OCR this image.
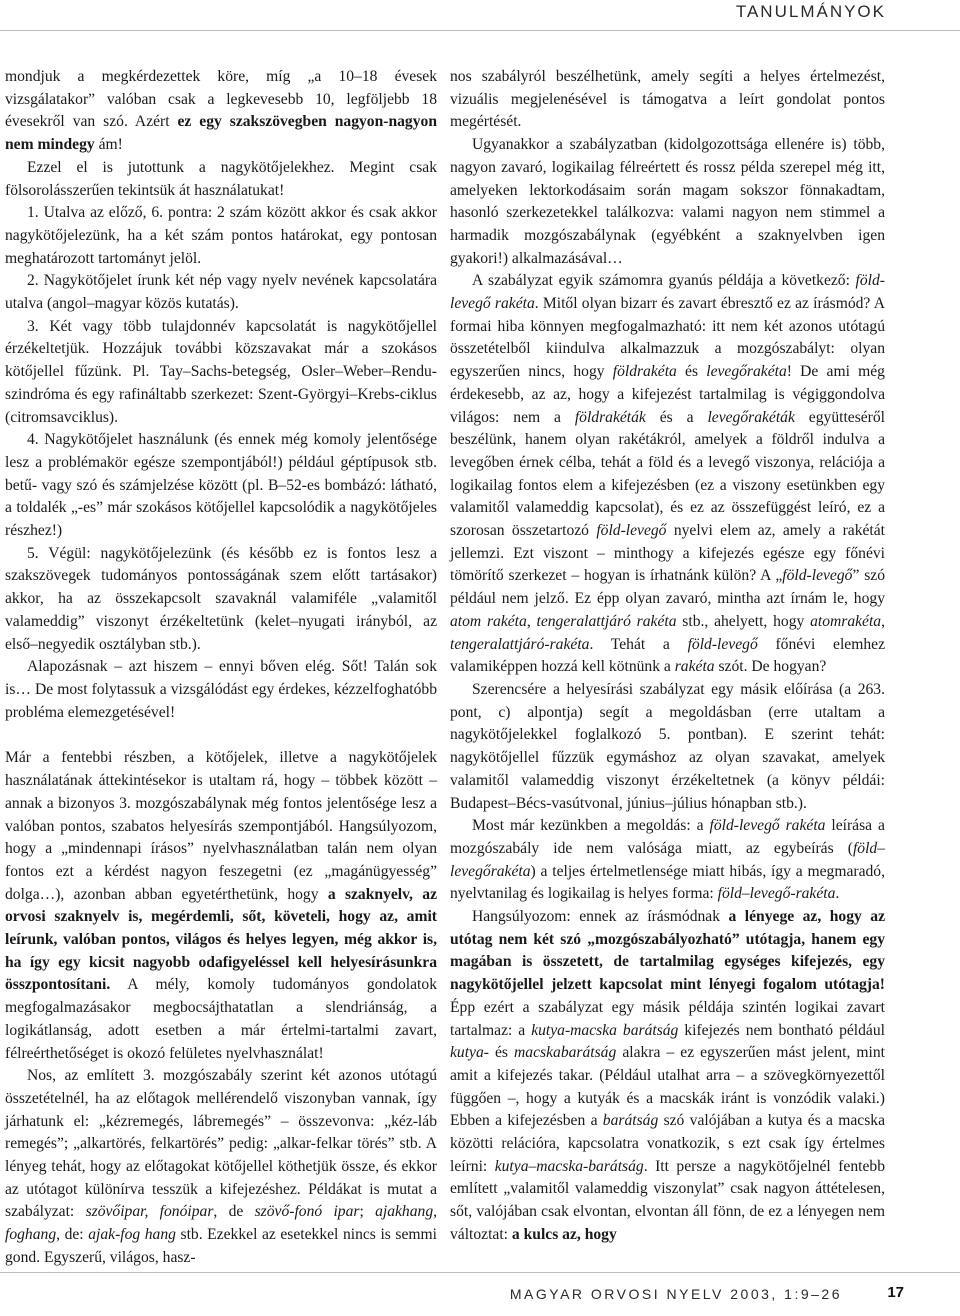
TANULMÁNYOK

mondjuk a megkérdezettek köre, míg „a 10–18 évesek vizsgálatakor” valóban csak a legkevesebb 10, legföljebb 18 évesekről van szó. Azért ez egy szakszövegben nagyon-nagyon nem mindegy ám!

Ezzel el is jutottunk a nagykötőjelekhez. Megint csak fölsorolásszerűen tekintsük át használatukat!

1. Utalva az előző, 6. pontra: 2 szám között akkor és csak akkor nagykötőjelezünk, ha a két szám pontos határokat, egy pontosan meghatározott tartományt jelöl.

2. Nagykötőjelet írunk két nép vagy nyelv nevének kapcsolatára utalva (angol–magyar közös kutatás).

3. Két vagy több tulajdonnév kapcsolatát is nagykötőjellel érzékeltetjük. Hozzájuk további közszavakat már a szokásos kötőjellel fűzünk. Pl. Tay–Sachs-betegség, Osler–Weber–Rendu-szindróma és egy rafináltabb szerkezet: Szent-Györgyi–Krebs-ciklus (citromsavciklus).

4. Nagykötőjelet használunk (és ennek még komoly jelentősége lesz a problémakör egésze szempontjából!) például géptípusok stb. betű- vagy szó és számjelzése között (pl. B–52-es bombázó: látható, a toldalék „-es” már szokásos kötőjellel kapcsolódik a nagykötőjeles részhez!)

5. Végül: nagykötőjelezünk (és később ez is fontos lesz a szakszövegek tudományos pontosságának szem előtt tartásakor) akkor, ha az összekapcsolt szavaknál valamiféle „valamitől valameddig” viszonyt érzékeltetünk (kelet–nyugati irányból, az első–negyedik osztályban stb.).

Alapozásnak – azt hiszem – ennyi bőven elég. Sőt! Talán sok is… De most folytassuk a vizsgálódást egy érdekes, kézzelfoghatóbb probléma elemezgetésével!

Már a fentebbi részben, a kötőjelek, illetve a nagykötőjelek használatának áttekintésekor is utaltam rá, hogy – többek között – annak a bizonyos 3. mozgószabálynak még fontos jelentősége lesz a valóban pontos, szabatos helyesírás szempontjából. Hangsúlyozom, hogy a „mindennapi írásos” nyelvhasználatban talán nem olyan fontos ezt a kérdést nagyon feszegetni (ez „magánügyesség” dolga…), azonban abban egyetérthetünk, hogy a szaknyelv, az orvosi szaknyelv is, megérdemli, sőt, követeli, hogy az, amit leírunk, valóban pontos, világos és helyes legyen, még akkor is, ha így egy kicsit nagyobb odafigyeléssel kell helyesírásunkra összpontosítani. A mély, komoly tudományos gondolatok megfogalmazásakor megbocsájthatatlan a slendriánság, a logikátlanság, adott esetben a már értelmi-tartalmi zavart, félreérthetőséget is okozó felületes nyelvhasználat!

Nos, az említett 3. mozgószabály szerint két azonos utótagú összetételnél, ha az előtagok mellérendelő viszonyban vannak, így járhatunk el: „kézremegés, lábremegés” – összevonva: „kéz-láb remegés”; „alkartörés, felkartörés” pedig: „alkar-felkar törés” stb. A lényeg tehát, hogy az előtagokat kötőjellel köthetjük össze, és ekkor az utótagot különírva tesszük a kifejezéshez. Példákat is mutat a szabályzat: szövőipar, fonóipar, de szövő-fonó ipar; ajakhang, foghang, de: ajak-fog hang stb. Ezekkel az esetekkel nincs is semmi gond. Egyszerű, világos, hasz-

nos szabályról beszélhetünk, amely segíti a helyes értelmezést, vizuális megjelenésével is támogatva a leírt gondolat pontos megértését.

Ugyanakkor a szabályzatban (kidolgozottsága ellenére is) több, nagyon zavaró, logikailag félreértett és rossz példa szerepel még itt, amelyeken lektorkodásaim során magam sokszor fönnakadtam, hasonló szerkezetekkel találkozva: valami nagyon nem stimmel a harmadik mozgószabálynak (egyébként a szaknyelvben igen gyakori!) alkalmazásával…

A szabályzat egyik számomra gyanús példája a következő: föld-levegő rakéta. Mitől olyan bizarr és zavart ébresztő ez az írásmód? A formai hiba könnyen megfogalmazható: itt nem két azonos utótagú összetételből kiindulva alkalmazzuk a mozgószabályt: olyan egyszerűen nincs, hogy földrakéta és levegőrakéta! De ami még érdekesebb, az az, hogy a kifejezést tartalmilag is végiggondolva világos: nem a földrakéták és a levegőrakéták együtteséről beszélünk, hanem olyan rakétákról, amelyek a földről indulva a levegőben érnek célba, tehát a föld és a levegő viszonya, relációja a logikailag fontos elem a kifejezésben (ez a viszony esetünkben egy valamitől valameddig kapcsolat), és ez az összefüggést leíró, ez a szorosan összetartozó föld-levegő nyelvi elem az, amely a rakétát jellemzi. Ezt viszont – minthogy a kifejezés egésze egy főnévi tömörítő szerkezet – hogyan is írhatnánk külön? A „föld-levegő” szó például nem jelző. Ez épp olyan zavaró, mintha azt írnám le, hogy atom rakéta, tengeralattjáró rakéta stb., ahelyett, hogy atomrakéta, tengeralattjáró-rakéta. Tehát a föld-levegő főnévi elemhez valamiképpen hozzá kell kötnünk a rakéta szót. De hogyan?

Szerencsére a helyesírási szabályzat egy másik előírása (a 263. pont, c) alpontja) segít a megoldásban (erre utaltam a nagykötőjelekkel foglalkozó 5. pontban). E szerint tehát: nagykötőjellel fűzzük egymáshoz az olyan szavakat, amelyek valamitől valameddig viszonyt érzékeltetnek (a könyv példái: Budapest–Bécs-vasútvonal, június–július hónapban stb.).

Most már kezünkben a megoldás: a föld-levegő rakéta leírása a mozgószabály ide nem valósága miatt, az egybeírás (föld–levegőrakéta) a teljes értelmetlensége miatt hibás, így a megmaradó, nyelvtanilag és logikailag is helyes forma: föld–levegő-rakéta.

Hangsúlyozom: ennek az írásmódnak a lényege az, hogy az utótag nem két szó „mozgószabályozható” utótagja, hanem egy magában is összetett, de tartalmilag egységes kifejezés, egy nagykötőjellel jelzett kapcsolat mint lényegi fogalom utótagja! Épp ezért a szabályzat egy másik példája szintén logikai zavart tartalmaz: a kutya-macska barátság kifejezés nem bontható például kutya- és macskabarátság alakra – ez egyszerűen mást jelent, mint amit a kifejezés takar. (Például utalhat arra – a szövegkörnyezettől függően –, hogy a kutyák és a macskák iránt is vonzódik valaki.) Ebben a kifejezésben a barátság szó valójában a kutya és a macska közötti relációra, kapcsolatra vonatkozik, s ezt csak így értelmes leírni: kutya–macska-barátság. Itt persze a nagykötőjelnél fentebb említett „valamitől valameddig viszonylat” csak nagyon áttételesen, sőt, valójában csak elvontan, elvontan áll fönn, de ez a lényegen nem változtat: a kulcs az, hogy

MAGYAR ORVOSI NYELV 2003, 1:9–26	17
